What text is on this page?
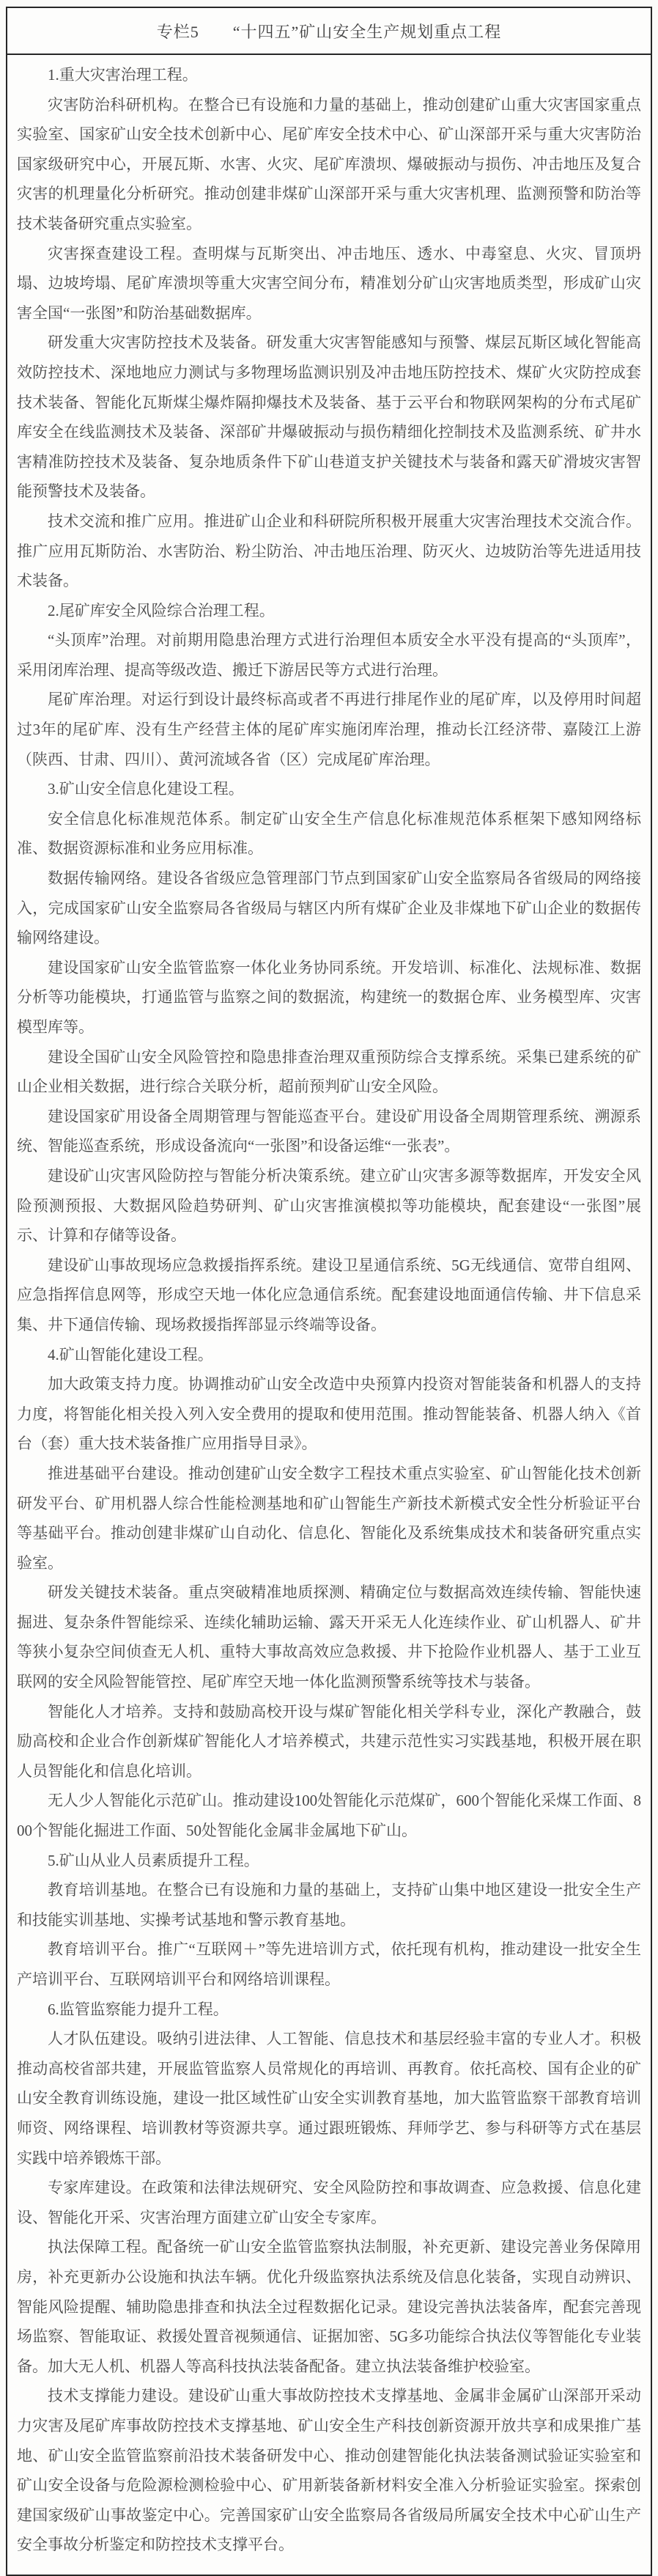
专栏5　　“十四五”矿山安全生产规划重点工程

1.重大灾害治理工程。

灾害防治科研机构。在整合已有设施和力量的基础上，推动创建矿山重大灾害国家重点实验室、国家矿山安全技术创新中心、尾矿库安全技术中心、矿山深部开采与重大灾害防治国家级研究中心，开展瓦斯、水害、火灾、尾矿库溃坝、爆破振动与损伤、冲击地压及复合灾害的机理量化分析研究。推动创建非煤矿山深部开采与重大灾害机理、监测预警和防治等技术装备研究重点实验室。

灾害探查建设工程。查明煤与瓦斯突出、冲击地压、透水、中毒窒息、火灾、冒顶坍塌、边坡垮塌、尾矿库溃坝等重大灾害空间分布，精准划分矿山灾害地质类型，形成矿山灾害全国“一张图”和防治基础数据库。

研发重大灾害防控技术及装备。研发重大灾害智能感知与预警、煤层瓦斯区域化智能高效防控技术、深地地应力测试与多物理场监测识别及冲击地压防控技术、煤矿火灾防控成套技术装备、智能化瓦斯煤尘爆炸隔抑爆技术及装备、基于云平台和物联网架构的分布式尾矿库安全在线监测技术及装备、深部矿井爆破振动与损伤精细化控制技术及监测系统、矿井水害精准防控技术及装备、复杂地质条件下矿山巷道支护关键技术与装备和露天矿滑坡灾害智能预警技术及装备。

技术交流和推广应用。推进矿山企业和科研院所积极开展重大灾害治理技术交流合作。推广应用瓦斯防治、水害防治、粉尘防治、冲击地压治理、防灭火、边坡防治等先进适用技术装备。

2.尾矿库安全风险综合治理工程。

“头顶库”治理。对前期用隐患治理方式进行治理但本质安全水平没有提高的“头顶库”，采用闭库治理、提高等级改造、搬迁下游居民等方式进行治理。

尾矿库治理。对运行到设计最终标高或者不再进行排尾作业的尾矿库，以及停用时间超过3年的尾矿库、没有生产经营主体的尾矿库实施闭库治理，推动长江经济带、嘉陵江上游（陕西、甘肃、四川）、黄河流域各省（区）完成尾矿库治理。

3.矿山安全信息化建设工程。

安全信息化标准规范体系。制定矿山安全生产信息化标准规范体系框架下感知网络标准、数据资源标准和业务应用标准。

数据传输网络。建设各省级应急管理部门节点到国家矿山安全监察局各省级局的网络接入，完成国家矿山安全监察局各省级局与辖区内所有煤矿企业及非煤地下矿山企业的数据传输网络建设。

建设国家矿山安全监管监察一体化业务协同系统。开发培训、标准化、法规标准、数据分析等功能模块，打通监管与监察之间的数据流，构建统一的数据仓库、业务模型库、灾害模型库等。

建设全国矿山安全风险管控和隐患排查治理双重预防综合支撑系统。采集已建系统的矿山企业相关数据，进行综合关联分析，超前预判矿山安全风险。

建设国家矿用设备全周期管理与智能巡查平台。建设矿用设备全周期管理系统、溯源系统、智能巡查系统，形成设备流向“一张图”和设备运维“一张表”。

建设矿山灾害风险防控与智能分析决策系统。建立矿山灾害多源等数据库，开发安全风险预测预报、大数据风险趋势研判、矿山灾害推演模拟等功能模块，配套建设“一张图”展示、计算和存储等设备。

建设矿山事故现场应急救援指挥系统。建设卫星通信系统、5G无线通信、宽带自组网、应急指挥信息网等，形成空天地一体化应急通信系统。配套建设地面通信传输、井下信息采集、井下通信传输、现场救援指挥部显示终端等设备。

4.矿山智能化建设工程。

加大政策支持力度。协调推动矿山安全改造中央预算内投资对智能装备和机器人的支持力度，将智能化相关投入列入安全费用的提取和使用范围。推动智能装备、机器人纳入《首台（套）重大技术装备推广应用指导目录》。

推进基础平台建设。推动创建矿山安全数字工程技术重点实验室、矿山智能化技术创新研发平台、矿用机器人综合性能检测基地和矿山智能生产新技术新模式安全性分析验证平台等基础平台。推动创建非煤矿山自动化、信息化、智能化及系统集成技术和装备研究重点实验室。

研发关键技术装备。重点突破精准地质探测、精确定位与数据高效连续传输、智能快速掘进、复杂条件智能综采、连续化辅助运输、露天开采无人化连续作业、矿山机器人、矿井等狭小复杂空间侦查无人机、重特大事故高效应急救援、井下抢险作业机器人、基于工业互联网的安全风险智能管控、尾矿库空天地一体化监测预警系统等技术与装备。

智能化人才培养。支持和鼓励高校开设与煤矿智能化相关学科专业，深化产教融合，鼓励高校和企业合作创新煤矿智能化人才培养模式，共建示范性实习实践基地，积极开展在职人员智能化和信息化培训。

无人少人智能化示范矿山。推动建设100处智能化示范煤矿，600个智能化采煤工作面、800个智能化掘进工作面、50处智能化金属非金属地下矿山。

5.矿山从业人员素质提升工程。

教育培训基地。在整合已有设施和力量的基础上，支持矿山集中地区建设一批安全生产和技能实训基地、实操考试基地和警示教育基地。

教育培训平台。推广“互联网＋”等先进培训方式，依托现有机构，推动建设一批安全生产培训平台、互联网培训平台和网络培训课程。

6.监管监察能力提升工程。

人才队伍建设。吸纳引进法律、人工智能、信息技术和基层经验丰富的专业人才。积极推动高校省部共建，开展监管监察人员常规化的再培训、再教育。依托高校、国有企业的矿山安全教育训练设施，建设一批区域性矿山安全实训教育基地，加大监管监察干部教育培训师资、网络课程、培训教材等资源共享。通过跟班锻炼、拜师学艺、参与科研等方式在基层实践中培养锻炼干部。

专家库建设。在政策和法律法规研究、安全风险防控和事故调查、应急救援、信息化建设、智能化开采、灾害治理方面建立矿山安全专家库。

执法保障工程。配备统一矿山安全监管监察执法制服，补充更新、建设完善业务保障用房，补充更新办公设施和执法车辆。优化升级监察执法系统及信息化装备，实现自动辨识、智能风险提醒、辅助隐患排查和执法全过程数据化记录。建设完善执法装备库，配套完善现场监察、智能取证、救援处置音视频通信、证据加密、5G多功能综合执法仪等智能化专业装备。加大无人机、机器人等高科技执法装备配备。建立执法装备维护校验室。

技术支撑能力建设。建设矿山重大事故防控技术支撑基地、金属非金属矿山深部开采动力灾害及尾矿库事故防控技术支撑基地、矿山安全生产科技创新资源开放共享和成果推广基地、矿山安全监管监察前沿技术装备研发中心、推动创建智能化执法装备测试验证实验室和矿山安全设备与危险源检测检验中心、矿用新装备新材料安全准入分析验证实验室。探索创建国家级矿山事故鉴定中心。完善国家矿山安全监察局各省级局所属安全技术中心矿山生产安全事故分析鉴定和防控技术支撑平台。
